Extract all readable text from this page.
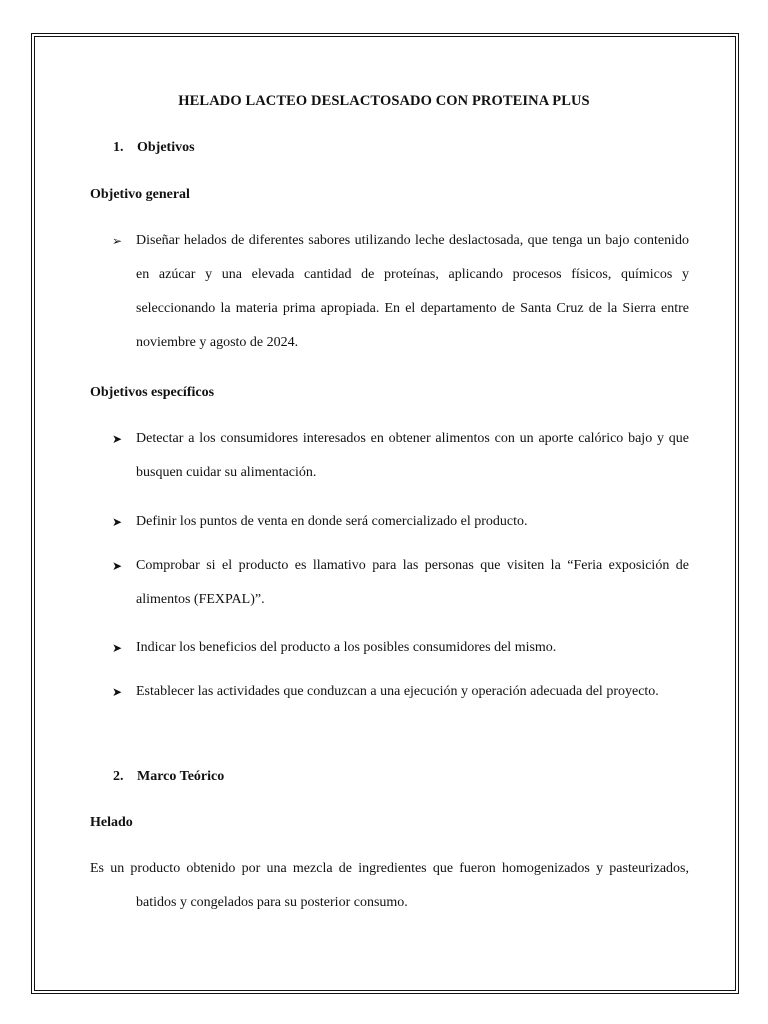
HELADO LACTEO DESLACTOSADO CON PROTEINA PLUS
1. Objetivos
Objetivo general
➢ Diseñar helados de diferentes sabores utilizando leche deslactosada, que tenga un bajo contenido en azúcar y una elevada cantidad de proteínas, aplicando procesos físicos, químicos y seleccionando la materia prima apropiada. En el departamento de Santa Cruz de la Sierra entre noviembre y agosto de 2024.
Objetivos específicos
➤ Detectar a los consumidores interesados en obtener alimentos con un aporte calórico bajo y que busquen cuidar su alimentación.
➤ Definir los puntos de venta en donde será comercializado el producto.
➤ Comprobar si el producto es llamativo para las personas que visiten la “Feria exposición de alimentos (FEXPAL)”.
➤ Indicar los beneficios del producto a los posibles consumidores del mismo.
➤ Establecer las actividades que conduzcan a una ejecución y operación adecuada del proyecto.
2. Marco Teórico
Helado
Es un producto obtenido por una mezcla de ingredientes que fueron homogenizados y pasteurizados, batidos y congelados para su posterior consumo.
